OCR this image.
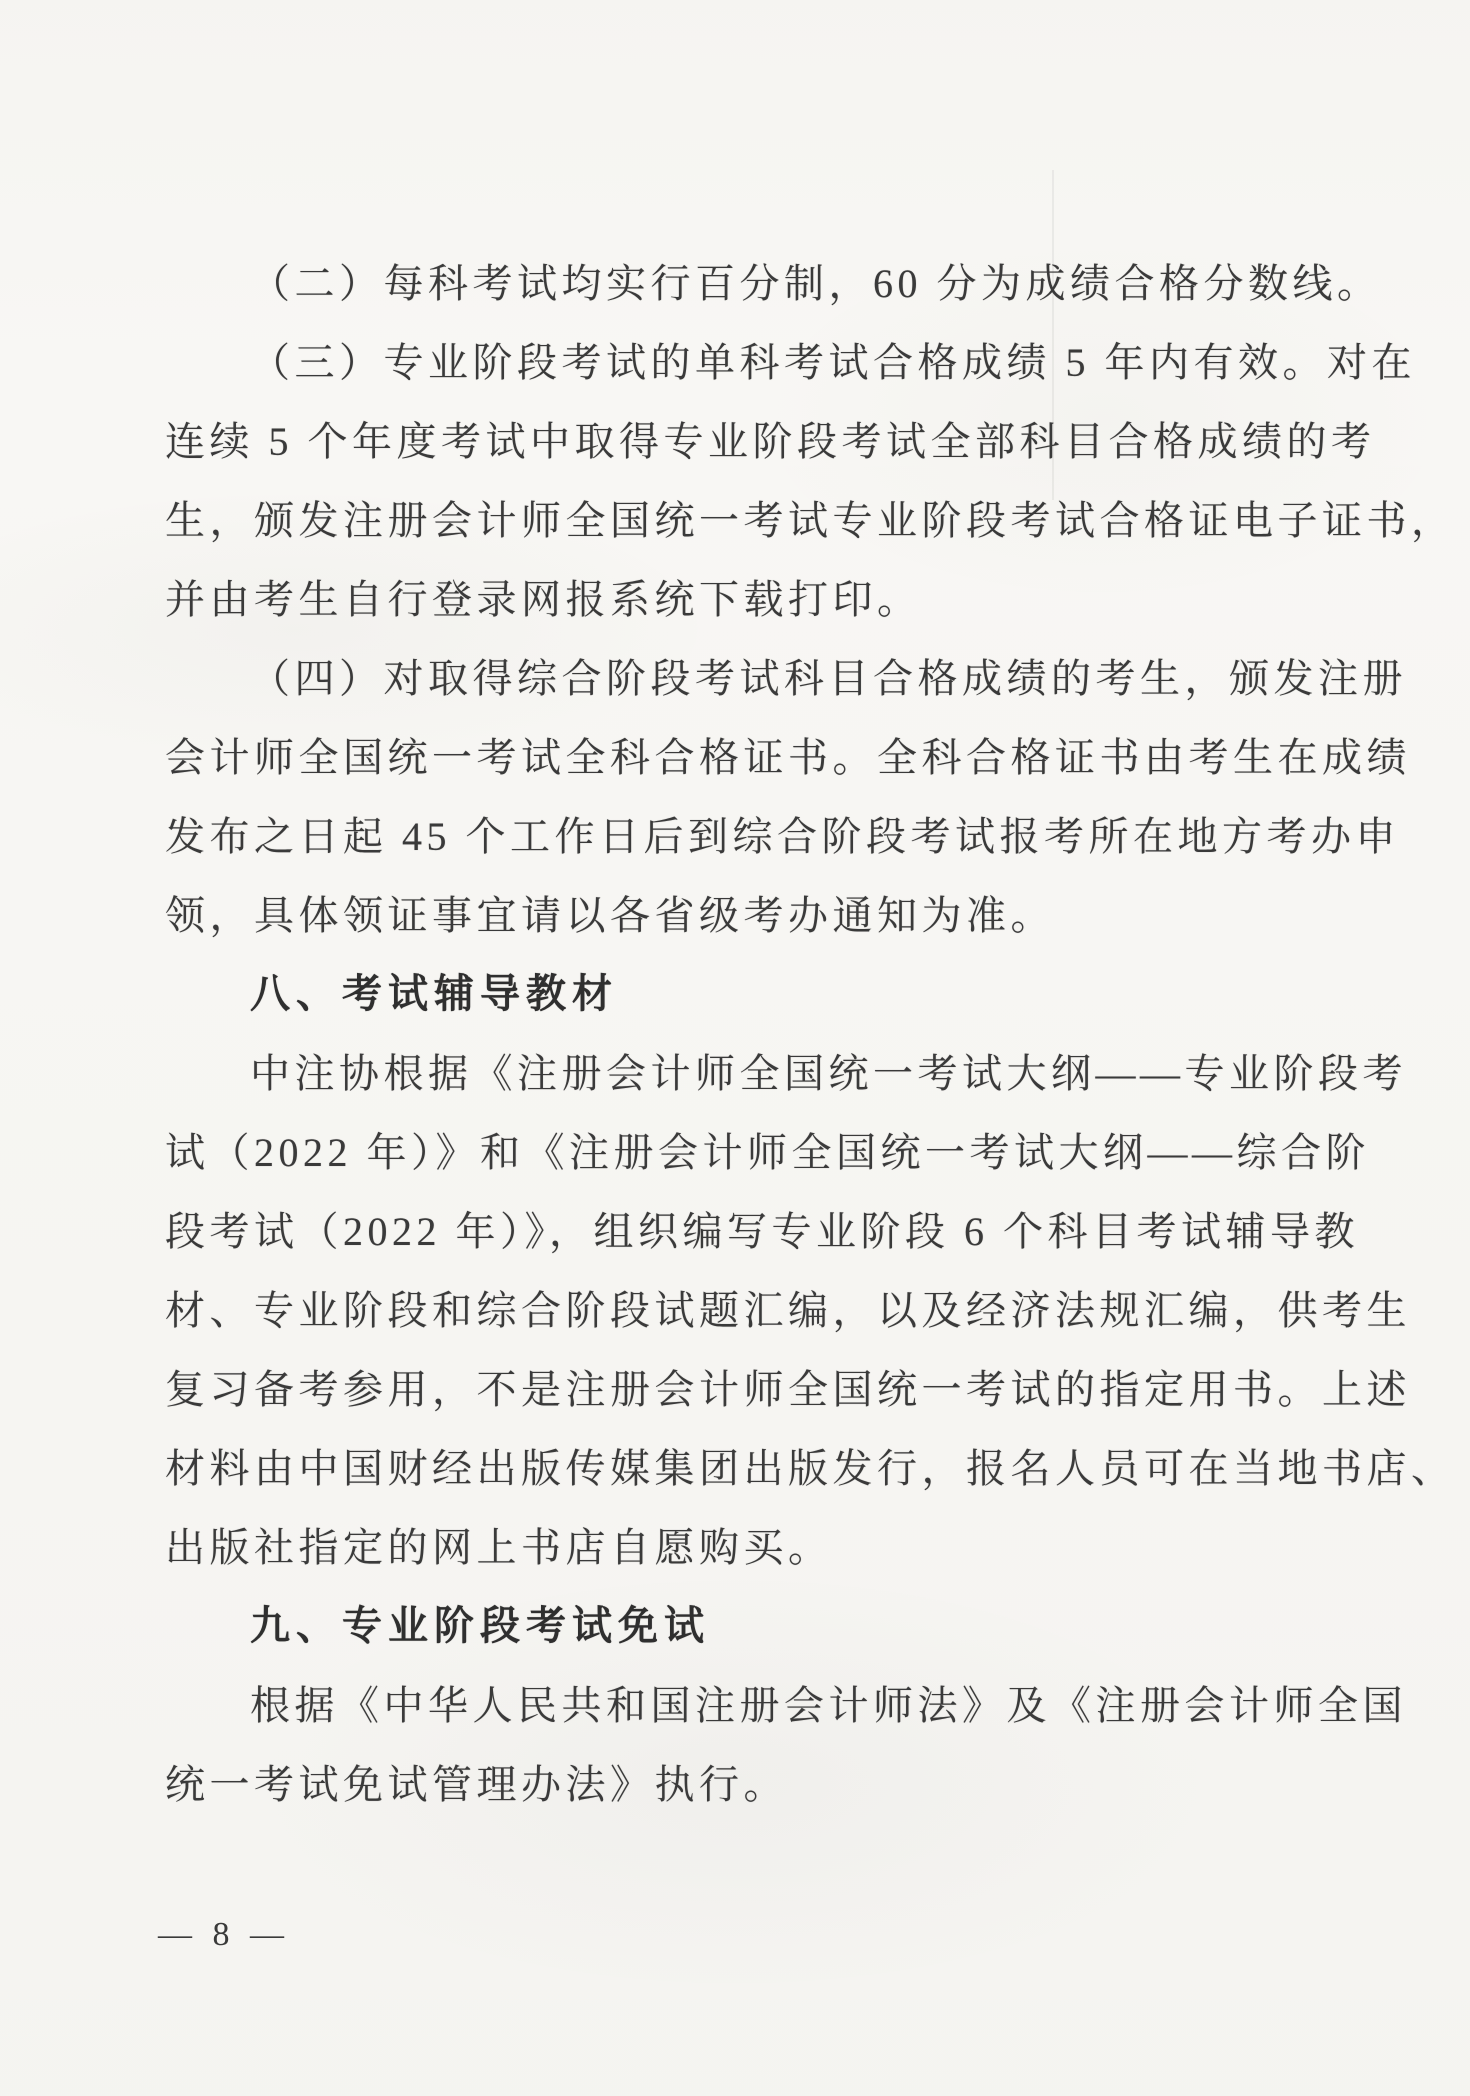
（二）每科考试均实行百分制，60 分为成绩合格分数线。
（三）专业阶段考试的单科考试合格成绩 5 年内有效。对在
连续 5 个年度考试中取得专业阶段考试全部科目合格成绩的考
生，颁发注册会计师全国统一考试专业阶段考试合格证电子证书，
并由考生自行登录网报系统下载打印。
（四）对取得综合阶段考试科目合格成绩的考生，颁发注册
会计师全国统一考试全科合格证书。全科合格证书由考生在成绩
发布之日起 45 个工作日后到综合阶段考试报考所在地方考办申
领，具体领证事宜请以各省级考办通知为准。
八、考试辅导教材
中注协根据《注册会计师全国统一考试大纲——专业阶段考
试（2022 年）》和《注册会计师全国统一考试大纲——综合阶
段考试（2022 年）》，组织编写专业阶段 6 个科目考试辅导教
材、专业阶段和综合阶段试题汇编，以及经济法规汇编，供考生
复习备考参用，不是注册会计师全国统一考试的指定用书。上述
材料由中国财经出版传媒集团出版发行，报名人员可在当地书店、
出版社指定的网上书店自愿购买。
九、专业阶段考试免试
根据《中华人民共和国注册会计师法》及《注册会计师全国
统一考试免试管理办法》执行。
— 8 —
